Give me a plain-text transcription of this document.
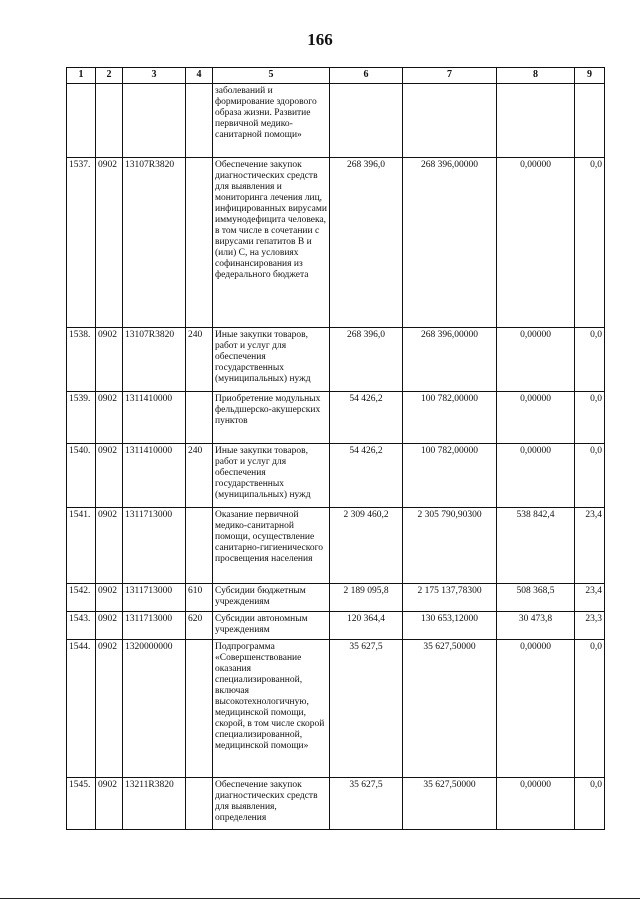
166
1	2	3	4	5	6	7	8	9
				заболеваний и формирование здорового образа жизни. Развитие первичной медико-санитарной помощи»				
1537.	0902	13107R3820		Обеспечение закупок диагностических средств для выявления и мониторинга лечения лиц, инфицированных вирусами иммунодефицита человека, в том числе в сочетании с вирусами гепатитов В и (или) С, на условиях софинансирования из федерального бюджета	268 396,0	268 396,00000	0,00000	0,0
1538.	0902	13107R3820	240	Иные закупки товаров, работ и услуг для обеспечения государственных (муниципальных) нужд	268 396,0	268 396,00000	0,00000	0,0
1539.	0902	1311410000		Приобретение модульных фельдшерско-акушерских пунктов	54 426,2	100 782,00000	0,00000	0,0
1540.	0902	1311410000	240	Иные закупки товаров, работ и услуг для обеспечения государственных (муниципальных) нужд	54 426,2	100 782,00000	0,00000	0,0
1541.	0902	1311713000		Оказание первичной медико-санитарной помощи, осуществление санитарно-гигиенического просвещения населения	2 309 460,2	2 305 790,90300	538 842,4	23,4
1542.	0902	1311713000	610	Субсидии бюджетным учреждениям	2 189 095,8	2 175 137,78300	508 368,5	23,4
1543.	0902	1311713000	620	Субсидии автономным учреждениям	120 364,4	130 653,12000	30 473,8	23,3
1544.	0902	1320000000		Подпрограмма «Совершенствование оказания специализированной, включая высокотехнологичную, медицинской помощи, скорой, в том числе скорой специализированной, медицинской помощи»	35 627,5	35 627,50000	0,00000	0,0
1545.	0902	13211R3820		Обеспечение закупок диагностических средств для выявления, определения	35 627,5	35 627,50000	0,00000	0,0
